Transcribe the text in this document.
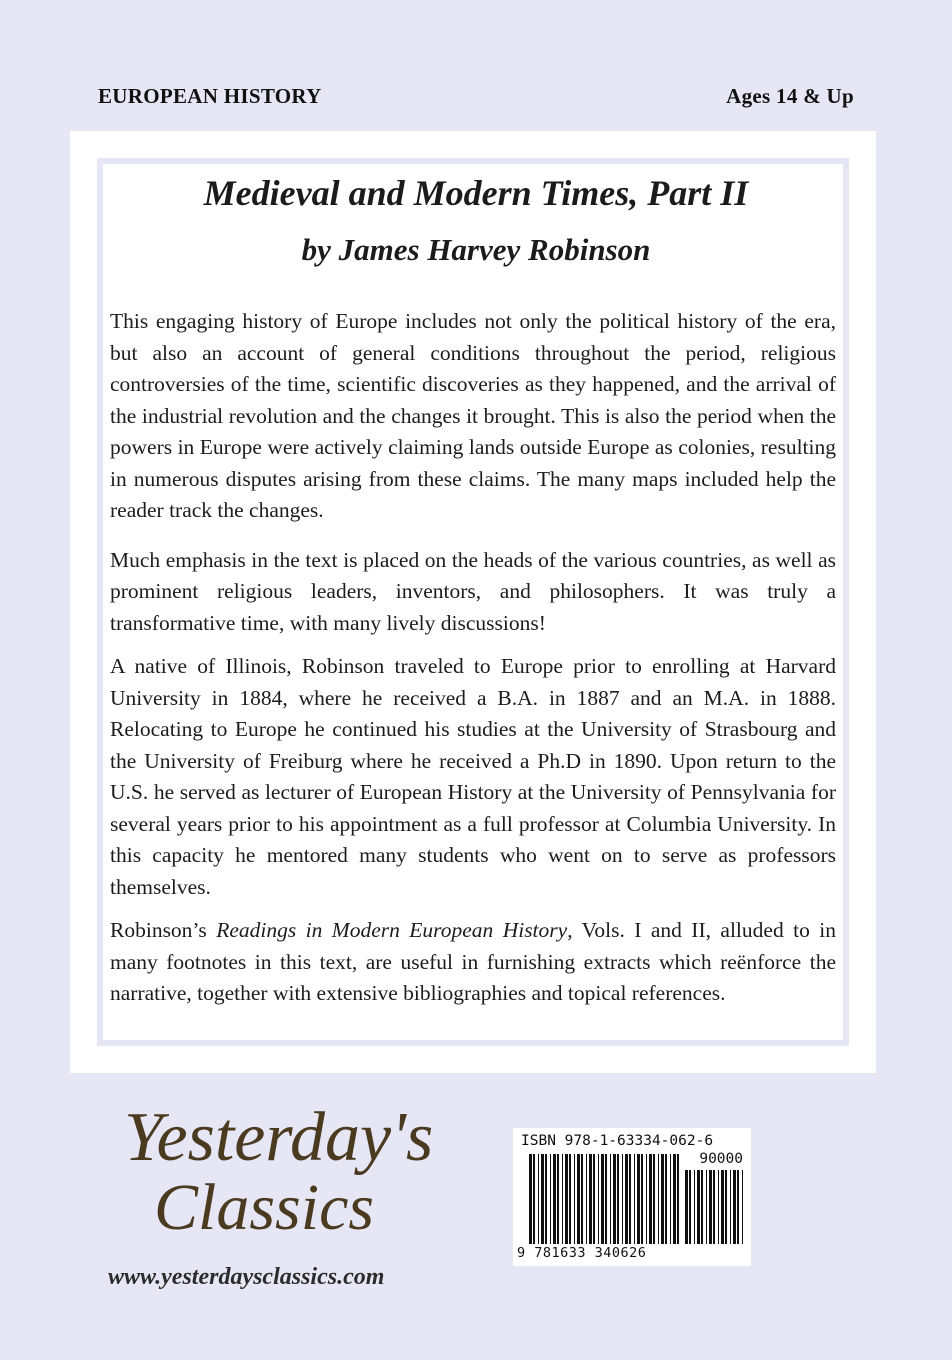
EUROPEAN HISTORY	Ages 14 & Up
Medieval and Modern Times, Part II
by James Harvey Robinson

This engaging history of Europe includes not only the political history of the era, but also an account of general conditions throughout the period, religious controversies of the time, scientific discoveries as they happened, and the arrival of the industrial revolution and the changes it brought. This is also the period when the powers in Europe were actively claiming lands outside Europe as colonies, resulting in numerous disputes arising from these claims. The many maps included help the reader track the changes.

Much emphasis in the text is placed on the heads of the various countries, as well as prominent religious leaders, inventors, and philosophers. It was truly a transformative time, with many lively discussions!

A native of Illinois, Robinson traveled to Europe prior to enrolling at Harvard University in 1884, where he received a B.A. in 1887 and an M.A. in 1888. Relocating to Europe he continued his studies at the University of Strasbourg and the University of Freiburg where he received a Ph.D in 1890. Upon return to the U.S. he served as lecturer of European History at the University of Pennsylvania for several years prior to his appointment as a full professor at Columbia University. In this capacity he mentored many students who went on to serve as professors themselves.

Robinson’s Readings in Modern European History, Vols. I and II, alluded to in many footnotes in this text, are useful in furnishing extracts which reënforce the narrative, together with extensive bibliographies and topical references.

Yesterday's
Classics
www.yesterdaysclassics.com
ISBN 978-1-63334-062-6
90000
9 781633 340626
